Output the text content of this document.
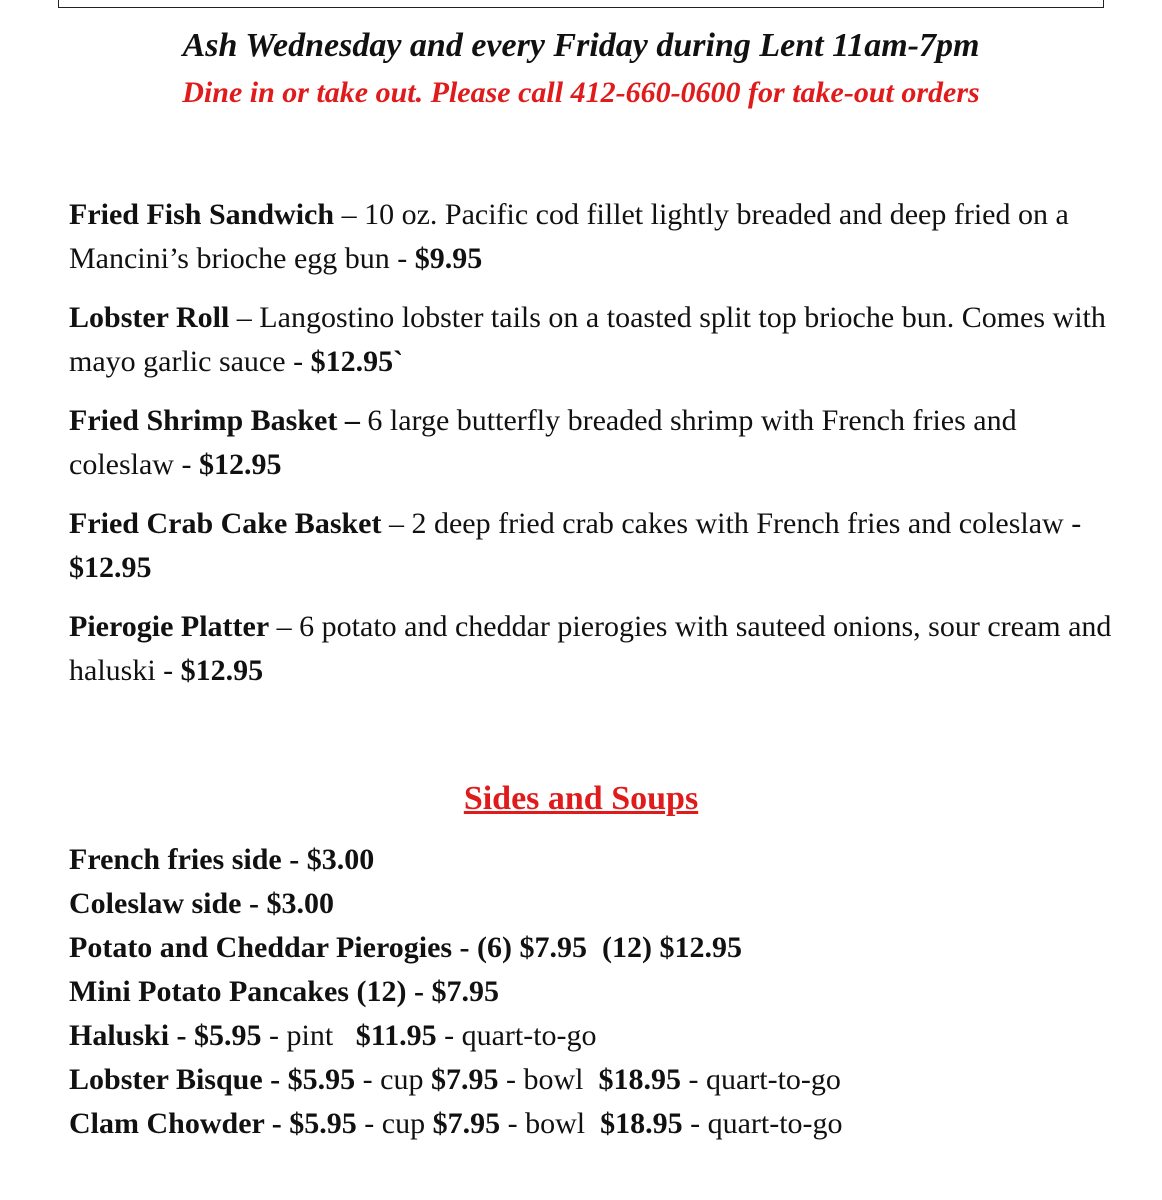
Ash Wednesday and every Friday during Lent 11am-7pm
Dine in or take out. Please call 412-660-0600 for take-out orders
Fried Fish Sandwich – 10 oz. Pacific cod fillet lightly breaded and deep fried on a Mancini’s brioche egg bun - $9.95
Lobster Roll – Langostino lobster tails on a toasted split top brioche bun. Comes with mayo garlic sauce - $12.95`
Fried Shrimp Basket – 6 large butterfly breaded shrimp with French fries and coleslaw - $12.95
Fried Crab Cake Basket – 2 deep fried crab cakes with French fries and coleslaw - $12.95
Pierogie Platter – 6 potato and cheddar pierogies with sauteed onions, sour cream and haluski - $12.95
Sides and Soups
French fries side - $3.00
Coleslaw side - $3.00
Potato and Cheddar Pierogies - (6) $7.95  (12) $12.95
Mini Potato Pancakes (12) - $7.95
Haluski - $5.95 - pint   $11.95 - quart-to-go
Lobster Bisque - $5.95 - cup $7.95 - bowl  $18.95 - quart-to-go
Clam Chowder - $5.95 - cup $7.95 - bowl  $18.95 - quart-to-go
